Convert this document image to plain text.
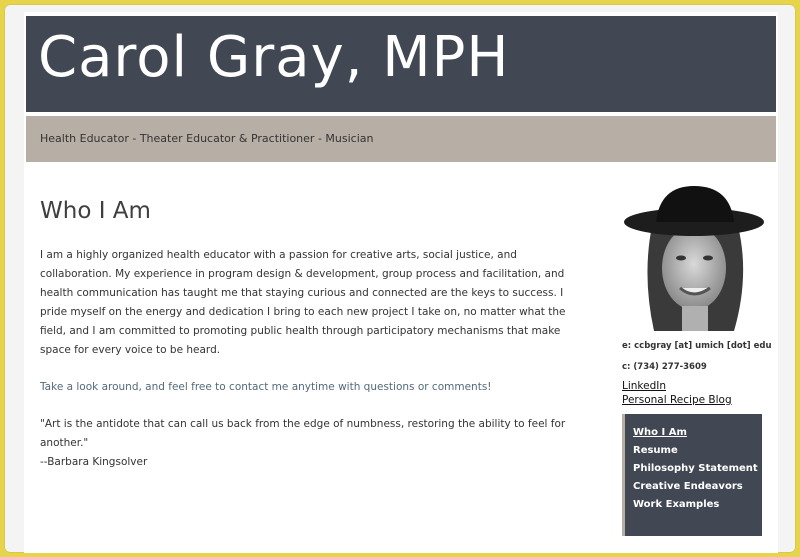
Carol Gray, MPH
Health Educator - Theater Educator & Practitioner - Musician
Who I Am

I am a highly organized health educator with a passion for creative arts, social justice, and collaboration. My experience in program design & development, group process and facilitation, and health communication has taught me that staying curious and connected are the keys to success. I pride myself on the energy and dedication I bring to each new project I take on, no matter what the field, and I am committed to promoting public health through participatory mechanisms that make space for every voice to be heard.

Take a look around, and feel free to contact me anytime with questions or comments!

"Art is the antidote that can call us back from the edge of numbness, restoring the ability to feel for another."

--Barbara Kingsolver

e: ccbgray [at] umich [dot] edu
c: (734) 277-3609
LinkedIn
Personal Recipe Blog
Who I Am
Resume
Philosophy Statement
Creative Endeavors
Work Examples
